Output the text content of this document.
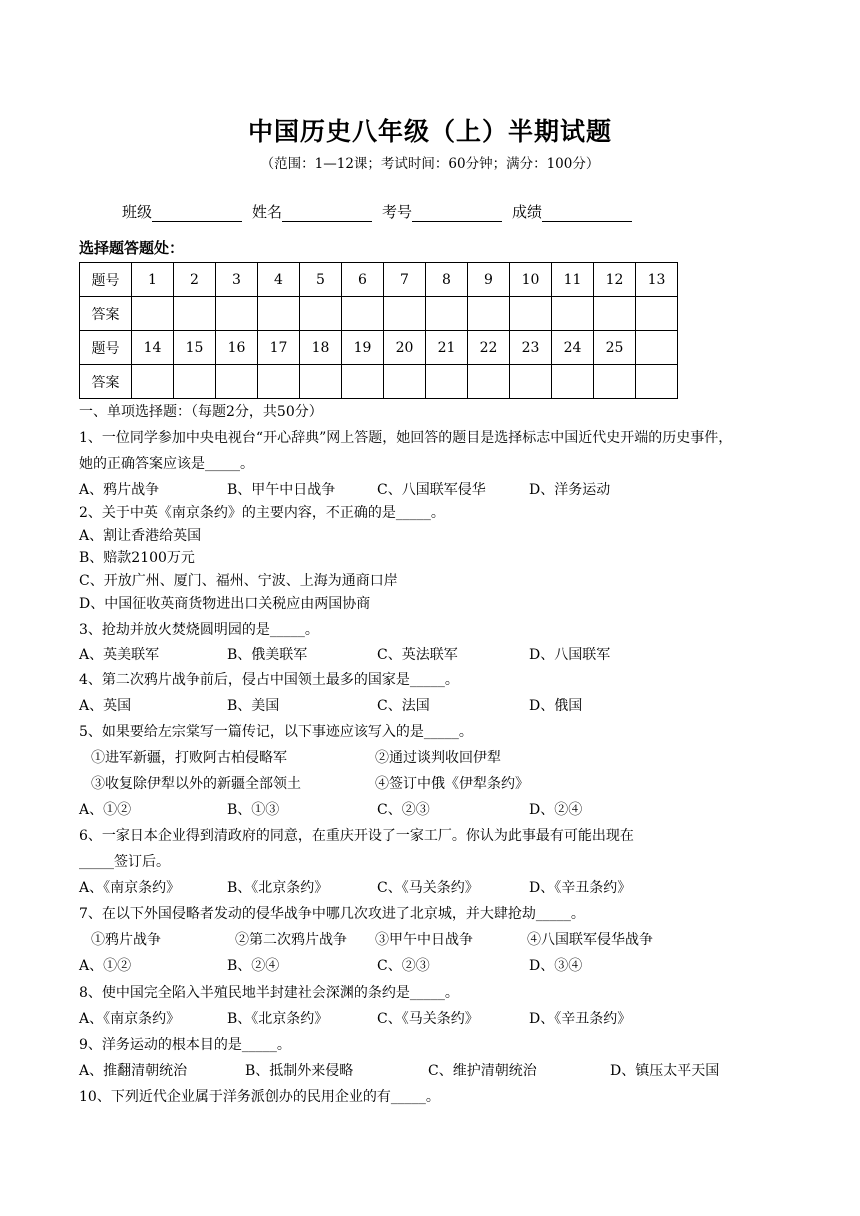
中国历史八年级（上）半期试题
（范围：1—12课；考试时间：60分钟；满分：100分）
班级	姓名	考号	成绩
选择题答题处：
题号	1	2	3	4	5	6	7	8	9	10	11	12	13
答案													
题号	14	15	16	17	18	19	20	21	22	23	24	25	
答案													
一、单项选择题：（每题2分，共50分）
1、一位同学参加中央电视台“开心辞典”网上答题，她回答的题目是选择标志中国近代史开端的历史事件，
她的正确答案应该是_____。
A、鸦片战争	B、甲午中日战争	C、八国联军侵华	D、洋务运动
2、关于中英《南京条约》的主要内容，不正确的是_____。
A、割让香港给英国
B、赔款2100万元
C、开放广州、厦门、福州、宁波、上海为通商口岸
D、中国征收英商货物进出口关税应由两国协商
3、抢劫并放火焚烧圆明园的是_____。
A、英美联军	B、俄美联军	C、英法联军	D、八国联军
4、第二次鸦片战争前后，侵占中国领土最多的国家是_____。
A、英国	B、美国	C、法国	D、俄国
5、如果要给左宗棠写一篇传记，以下事迹应该写入的是_____。
①进军新疆，打败阿古柏侵略军	②通过谈判收回伊犁
③收复除伊犁以外的新疆全部领土	④签订中俄《伊犁条约》
A、①②	B、①③	C、②③	D、②④
6、一家日本企业得到清政府的同意，在重庆开设了一家工厂。你认为此事最有可能出现在
_____签订后。
A、《南京条约》	B、《北京条约》	C、《马关条约》	D、《辛丑条约》
7、在以下外国侵略者发动的侵华战争中哪几次攻进了北京城，并大肆抢劫_____。
①鸦片战争	②第二次鸦片战争	③甲午中日战争	④八国联军侵华战争
A、①②	B、②④	C、②③	D、③④
8、使中国完全陷入半殖民地半封建社会深渊的条约是_____。
A、《南京条约》	B、《北京条约》	C、《马关条约》	D、《辛丑条约》
9、洋务运动的根本目的是_____。
A、推翻清朝统治	B、抵制外来侵略	C、维护清朝统治	D、镇压太平天国
10、下列近代企业属于洋务派创办的民用企业的有_____。
